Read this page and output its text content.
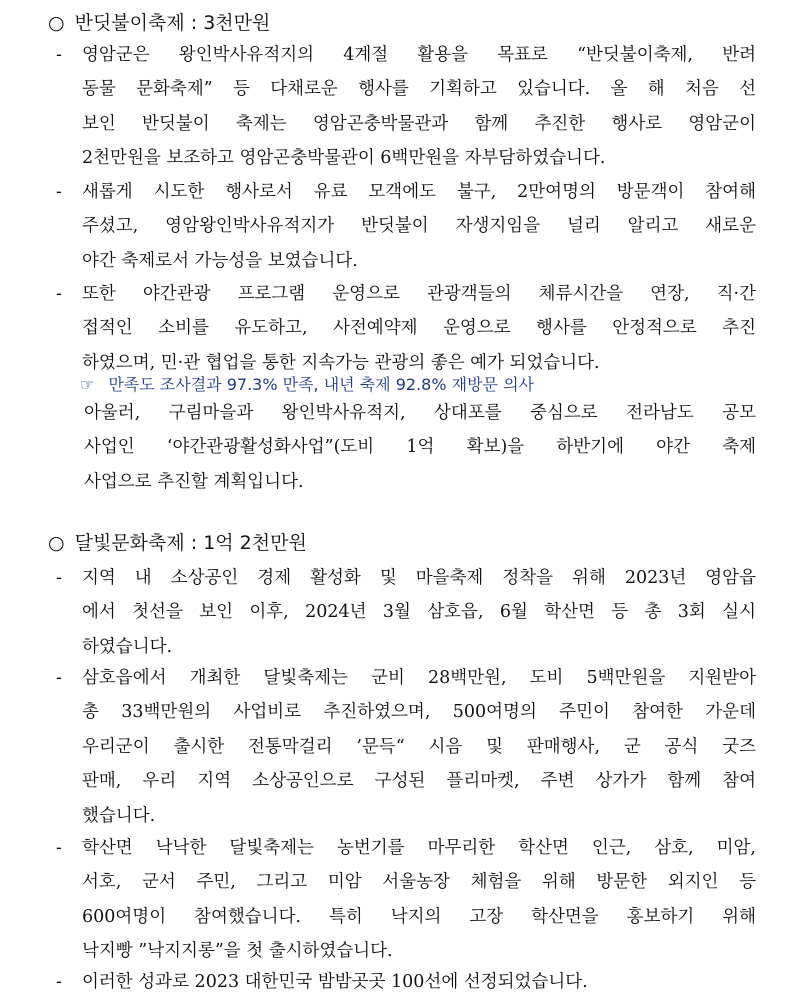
○ 반딧불이축제 : 3천만원
- 영암군은 왕인박사유적지의 4계절 활용을 목표로 “반딧불이축제, 반려
동물 문화축제” 등 다채로운 행사를 기획하고 있습니다. 올 해 처음 선
보인 반딧불이 축제는 영암곤충박물관과 함께 추진한 행사로 영암군이
2천만원을 보조하고 영암곤충박물관이 6백만원을 자부담하였습니다.
- 새롭게 시도한 행사로서 유료 모객에도 불구, 2만여명의 방문객이 참여해
주셨고, 영암왕인박사유적지가 반딧불이 자생지임을 널리 알리고 새로운
야간 축제로서 가능성을 보였습니다.
- 또한 야간관광 프로그램 운영으로 관광객들의 체류시간을 연장, 직·간
접적인 소비를 유도하고, 사전예약제 운영으로 행사를 안정적으로 추진
하였으며, 민·관 협업을 통한 지속가능 관광의 좋은 예가 되었습니다.
☞ 만족도 조사결과 97.3% 만족, 내년 축제 92.8% 재방문 의사
아울러, 구림마을과 왕인박사유적지, 상대포를 중심으로 전라남도 공모
사업인 ‘야간관광활성화사업”(도비 1억 확보)을 하반기에 야간 축제
사업으로 추진할 계획입니다.
○ 달빛문화축제 : 1억 2천만원
- 지역 내 소상공인 경제 활성화 및 마을축제 정착을 위해 2023년 영암읍
에서 첫선을 보인 이후, 2024년 3월 삼호읍, 6월 학산면 등 총 3회 실시
하였습니다.
- 삼호읍에서 개최한 달빛축제는 군비 28백만원, 도비 5백만원을 지원받아
총 33백만원의 사업비로 추진하였으며, 500여명의 주민이 참여한 가운데
우리군이 출시한 전통막걸리 ’문득“ 시음 및 판매행사, 군 공식 굿즈
판매, 우리 지역 소상공인으로 구성된 플리마켓, 주변 상가가 함께 참여
했습니다.
- 학산면 낙낙한 달빛축제는 농번기를 마무리한 학산면 인근, 삼호, 미암,
서호, 군서 주민, 그리고 미암 서울농장 체험을 위해 방문한 외지인 등
600여명이 참여했습니다. 특히 낙지의 고장 학산면을 홍보하기 위해
낙지빵 ”낙지지롱”을 첫 출시하였습니다.
- 이러한 성과로 2023 대한민국 밤밤곳곳 100선에 선정되었습니다.
